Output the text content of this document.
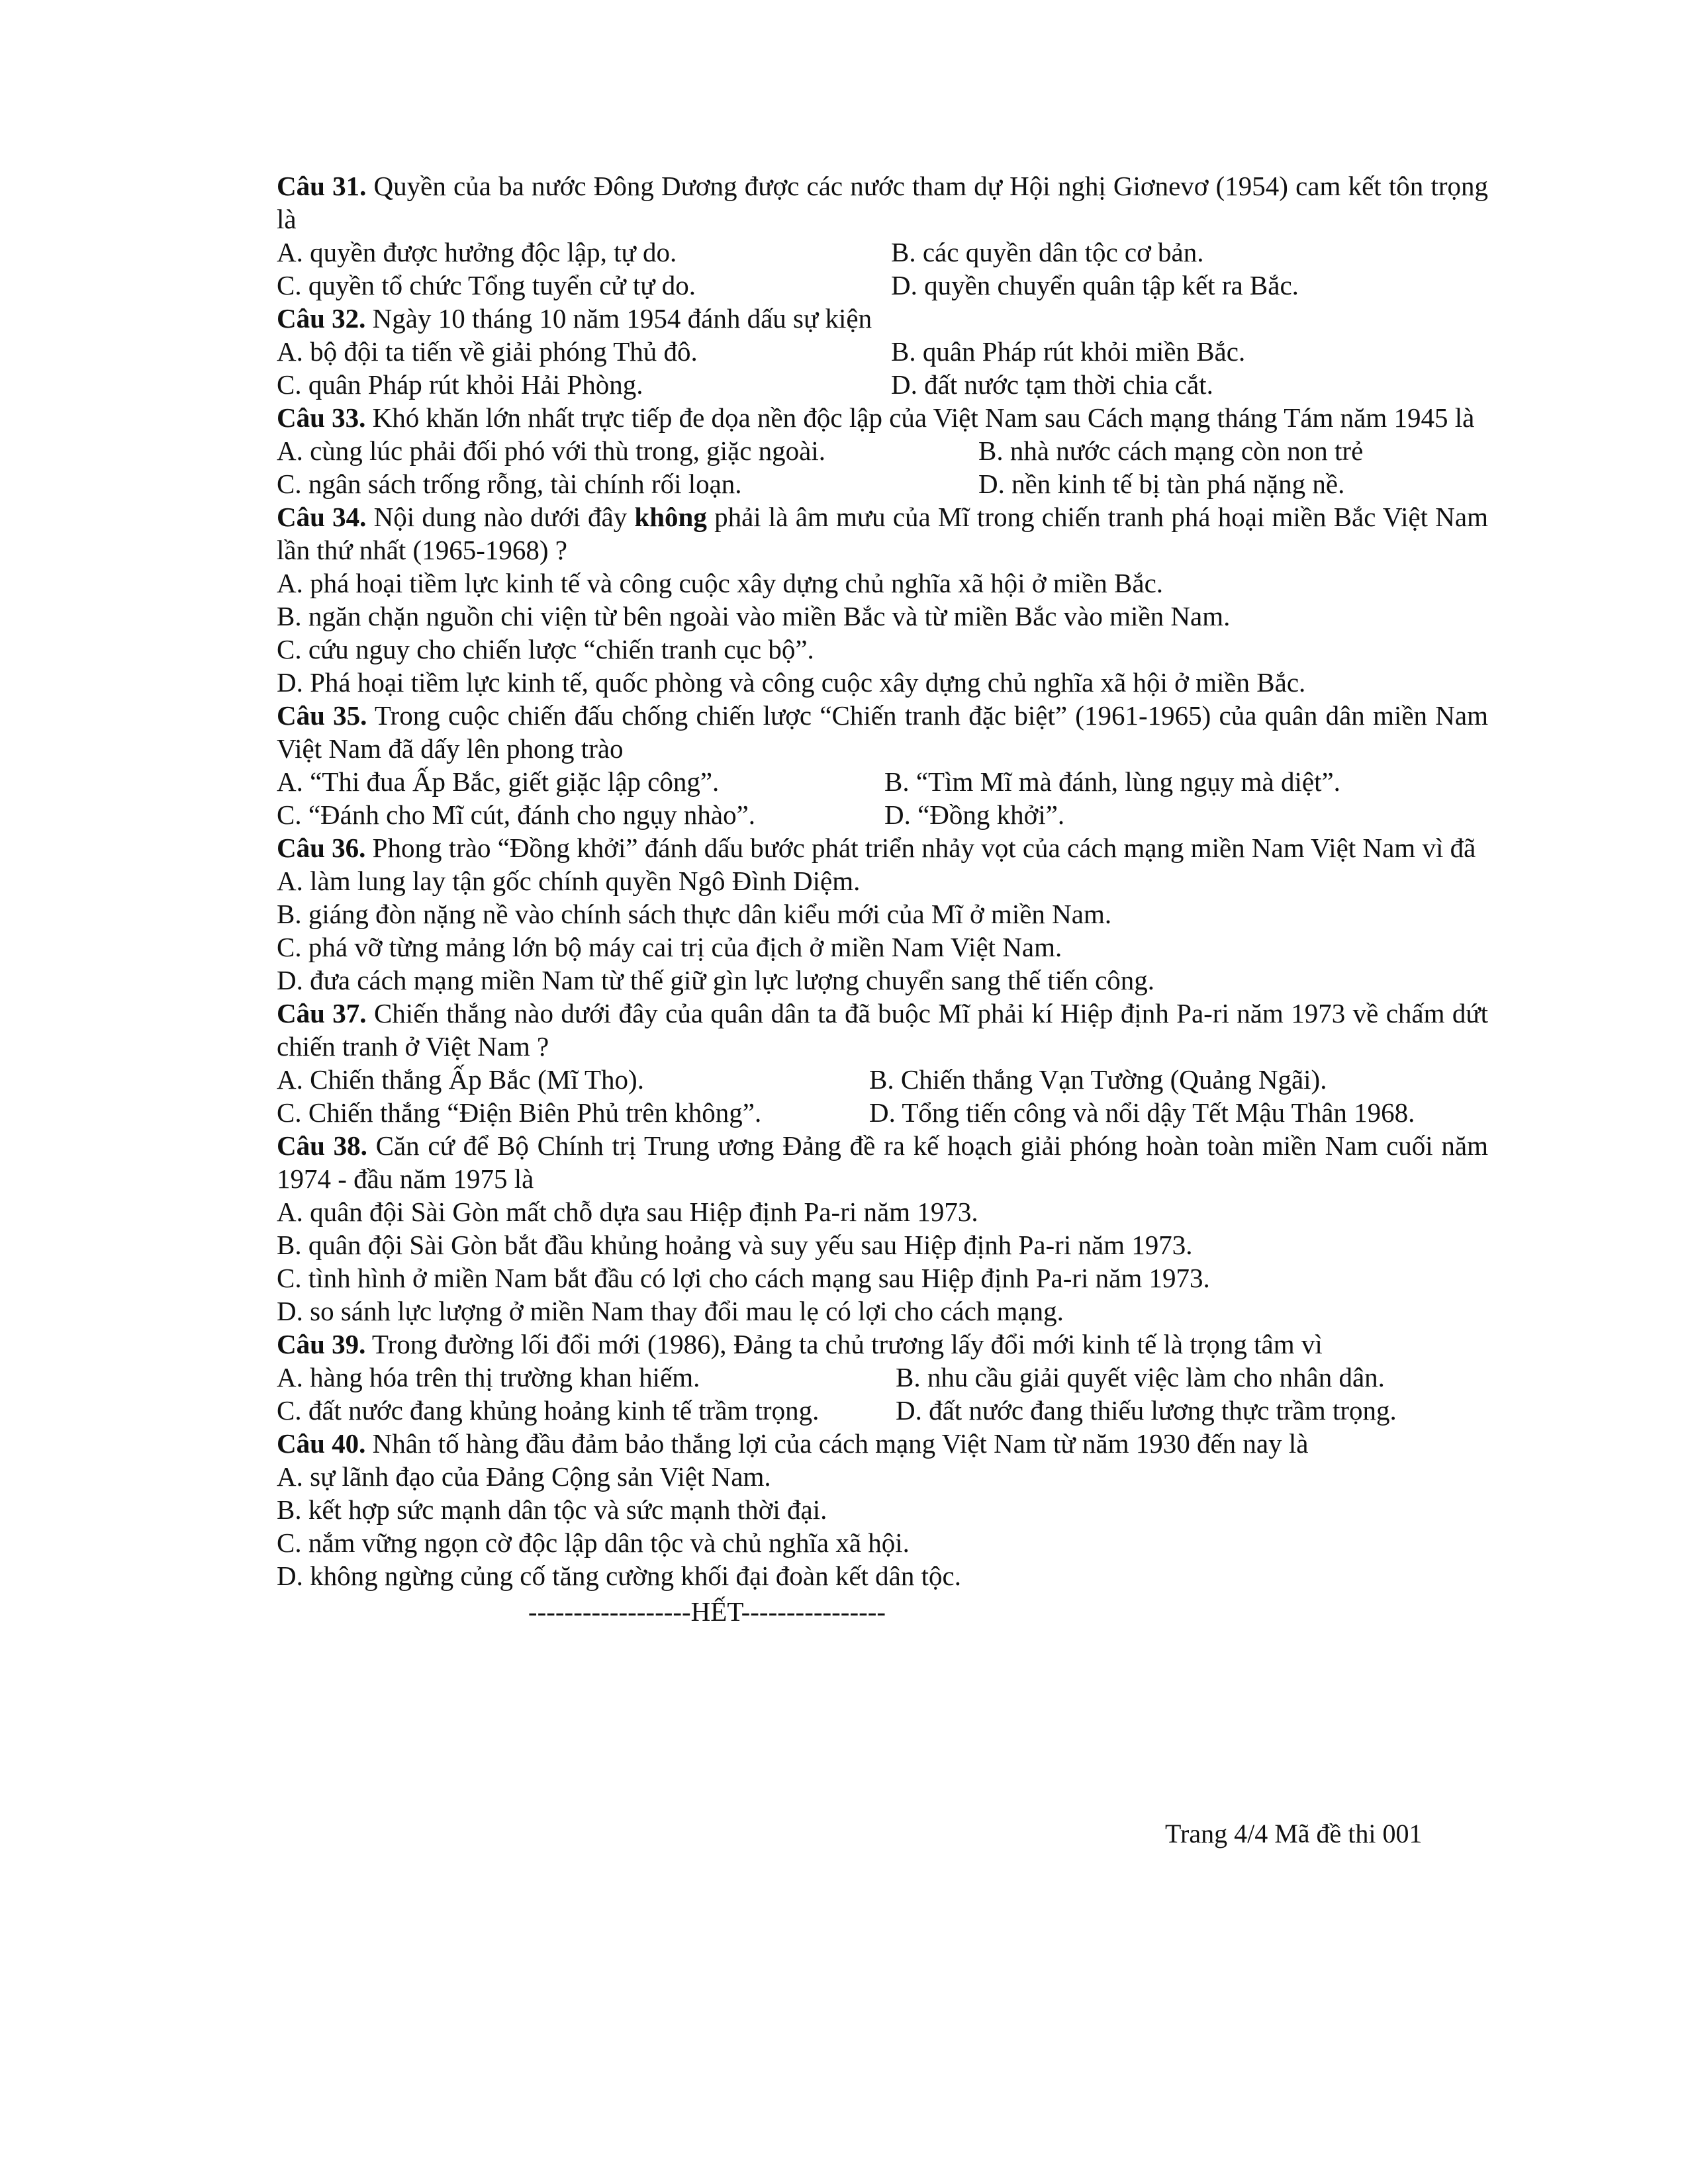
Câu 31. Quyền của ba nước Đông Dương được các nước tham dự Hội nghị Giơnevơ (1954) cam kết tôn trọng là
A. quyền được hưởng độc lập, tự do.	B. các quyền dân tộc cơ bản.
C. quyền tổ chức Tổng tuyển cử tự do.	D. quyền chuyển quân tập kết ra Bắc.
Câu 32. Ngày 10 tháng 10 năm 1954 đánh dấu sự kiện
A. bộ đội ta tiến về giải phóng Thủ đô.	B. quân Pháp rút khỏi miền Bắc.
C. quân Pháp rút khỏi Hải Phòng.	D. đất nước tạm thời chia cắt.
Câu 33. Khó khăn lớn nhất trực tiếp đe dọa nền độc lập của Việt Nam sau Cách mạng tháng Tám năm 1945 là
A. cùng lúc phải đối phó với thù trong, giặc ngoài.	B. nhà nước cách mạng còn non trẻ
C. ngân sách trống rỗng, tài chính rối loạn.	D. nền kinh tế bị tàn phá nặng nề.
Câu 34. Nội dung nào dưới đây không phải là âm mưu của Mĩ trong chiến tranh phá hoại miền Bắc Việt Nam lần thứ nhất (1965-1968) ?
A. phá hoại tiềm lực kinh tế và công cuộc xây dựng chủ nghĩa xã hội ở miền Bắc.
B. ngăn chặn nguồn chi viện từ bên ngoài vào miền Bắc và từ miền Bắc vào miền Nam.
C. cứu nguy cho chiến lược “chiến tranh cục bộ”.
D. Phá hoại tiềm lực kinh tế, quốc phòng và công cuộc xây dựng chủ nghĩa xã hội ở miền Bắc.
Câu 35. Trong cuộc chiến đấu chống chiến lược “Chiến tranh đặc biệt” (1961-1965) của quân dân miền Nam Việt Nam đã dấy lên phong trào
A. “Thi đua Ấp Bắc, giết giặc lập công”.	B. “Tìm Mĩ mà đánh, lùng ngụy mà diệt”.
C. “Đánh cho Mĩ cút, đánh cho ngụy nhào”.	D. “Đồng khởi”.
Câu 36. Phong trào “Đồng khởi” đánh dấu bước phát triển nhảy vọt của cách mạng miền Nam Việt Nam vì đã
A. làm lung lay tận gốc chính quyền Ngô Đình Diệm.
B. giáng đòn nặng nề vào chính sách thực dân kiểu mới của Mĩ ở miền Nam.
C. phá vỡ từng mảng lớn bộ máy cai trị của địch ở miền Nam Việt Nam.
D. đưa cách mạng miền Nam từ thế giữ gìn lực lượng chuyển sang thế tiến công.
Câu 37. Chiến thắng nào dưới đây của quân dân ta đã buộc Mĩ phải kí Hiệp định Pa-ri năm 1973 về chấm dứt chiến tranh ở Việt Nam ?
A. Chiến thắng Ấp Bắc (Mĩ Tho).	B. Chiến thắng Vạn Tường (Quảng Ngãi).
C. Chiến thắng “Điện Biên Phủ trên không”.	D. Tổng tiến công và nổi dậy Tết Mậu Thân 1968.
Câu 38. Căn cứ để Bộ Chính trị Trung ương Đảng đề ra kế hoạch giải phóng hoàn toàn miền Nam cuối năm 1974 - đầu năm 1975 là
A. quân đội Sài Gòn mất chỗ dựa sau Hiệp định Pa-ri năm 1973.
B. quân đội Sài Gòn bắt đầu khủng hoảng và suy yếu sau Hiệp định Pa-ri năm 1973.
C. tình hình ở miền Nam bắt đầu có lợi cho cách mạng sau Hiệp định Pa-ri năm 1973.
D. so sánh lực lượng ở miền Nam thay đổi mau lẹ có lợi cho cách mạng.
Câu 39. Trong đường lối đổi mới (1986), Đảng ta chủ trương lấy đổi mới kinh tế là trọng tâm vì
A. hàng hóa trên thị trường khan hiếm.	B. nhu cầu giải quyết việc làm cho nhân dân.
C. đất nước đang khủng hoảng kinh tế trầm trọng.	D. đất nước đang thiếu lương thực trầm trọng.
Câu 40. Nhân tố hàng đầu đảm bảo thắng lợi của cách mạng Việt Nam từ năm 1930 đến nay là
A. sự lãnh đạo của Đảng Cộng sản Việt Nam.
B. kết hợp sức mạnh dân tộc và sức mạnh thời đại.
C. nắm vững ngọn cờ độc lập dân tộc và chủ nghĩa xã hội.
D. không ngừng củng cố tăng cường khối đại đoàn kết dân tộc.
------------------HẾT----------------
Trang 4/4 Mã đề thi 001
